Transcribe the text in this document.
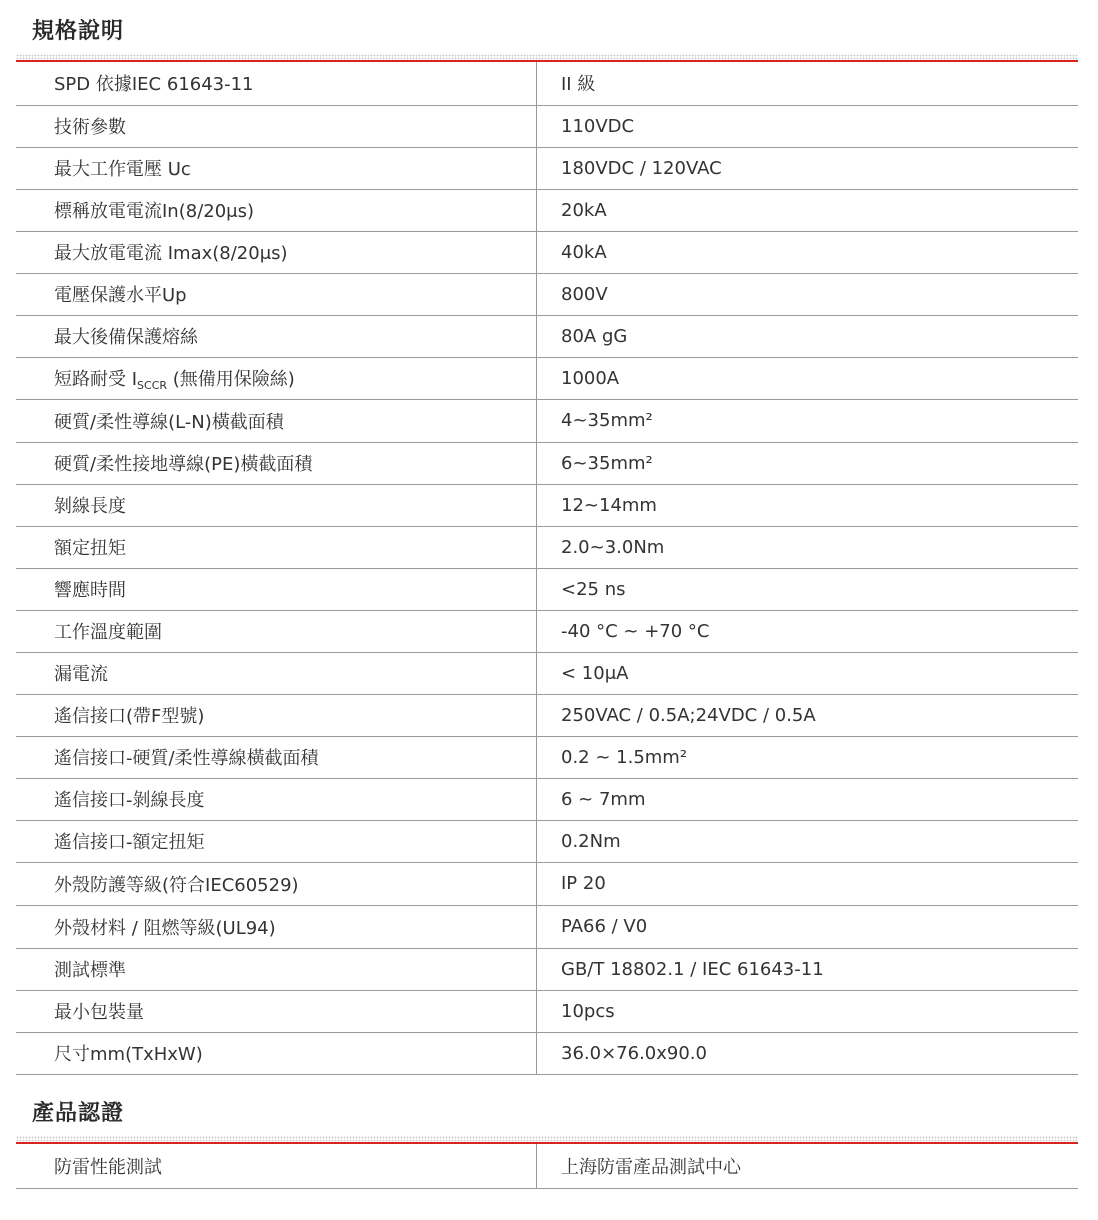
規格說明
SPD 依據IEC 61643-11	II 級
技術參數	110VDC
最大工作電壓 Uc	180VDC / 120VAC
標稱放電電流In(8/20μs)	20kA
最大放電電流 Imax(8/20μs)	40kA
電壓保護水平Up	800V
最大後備保護熔絲	80A gG
短路耐受 $I_{SCCR}$ (無備用保險絲)	1000A
硬質/柔性導線(L-N)橫截面積	4~35mm²
硬質/柔性接地導線(PE)橫截面積	6~35mm²
剝線長度	12~14mm
額定扭矩	2.0~3.0Nm
響應時間	<25 ns
工作溫度範圍	-40 °C ~ +70 °C
漏電流	< 10μA
遙信接口(帶F型號)	250VAC / 0.5A;24VDC / 0.5A
遙信接口-硬質/柔性導線橫截面積	0.2 ~ 1.5mm²
遙信接口-剝線長度	6 ~ 7mm
遙信接口-額定扭矩	0.2Nm
外殼防護等級(符合IEC60529)	IP 20
外殼材料 / 阻燃等級(UL94)	PA66 / V0
測試標準	GB/T 18802.1 / IEC 61643-11
最小包裝量	10pcs
尺寸mm(TxHxW)	36.0×76.0x90.0
產品認證
防雷性能測試	上海防雷產品測試中心
